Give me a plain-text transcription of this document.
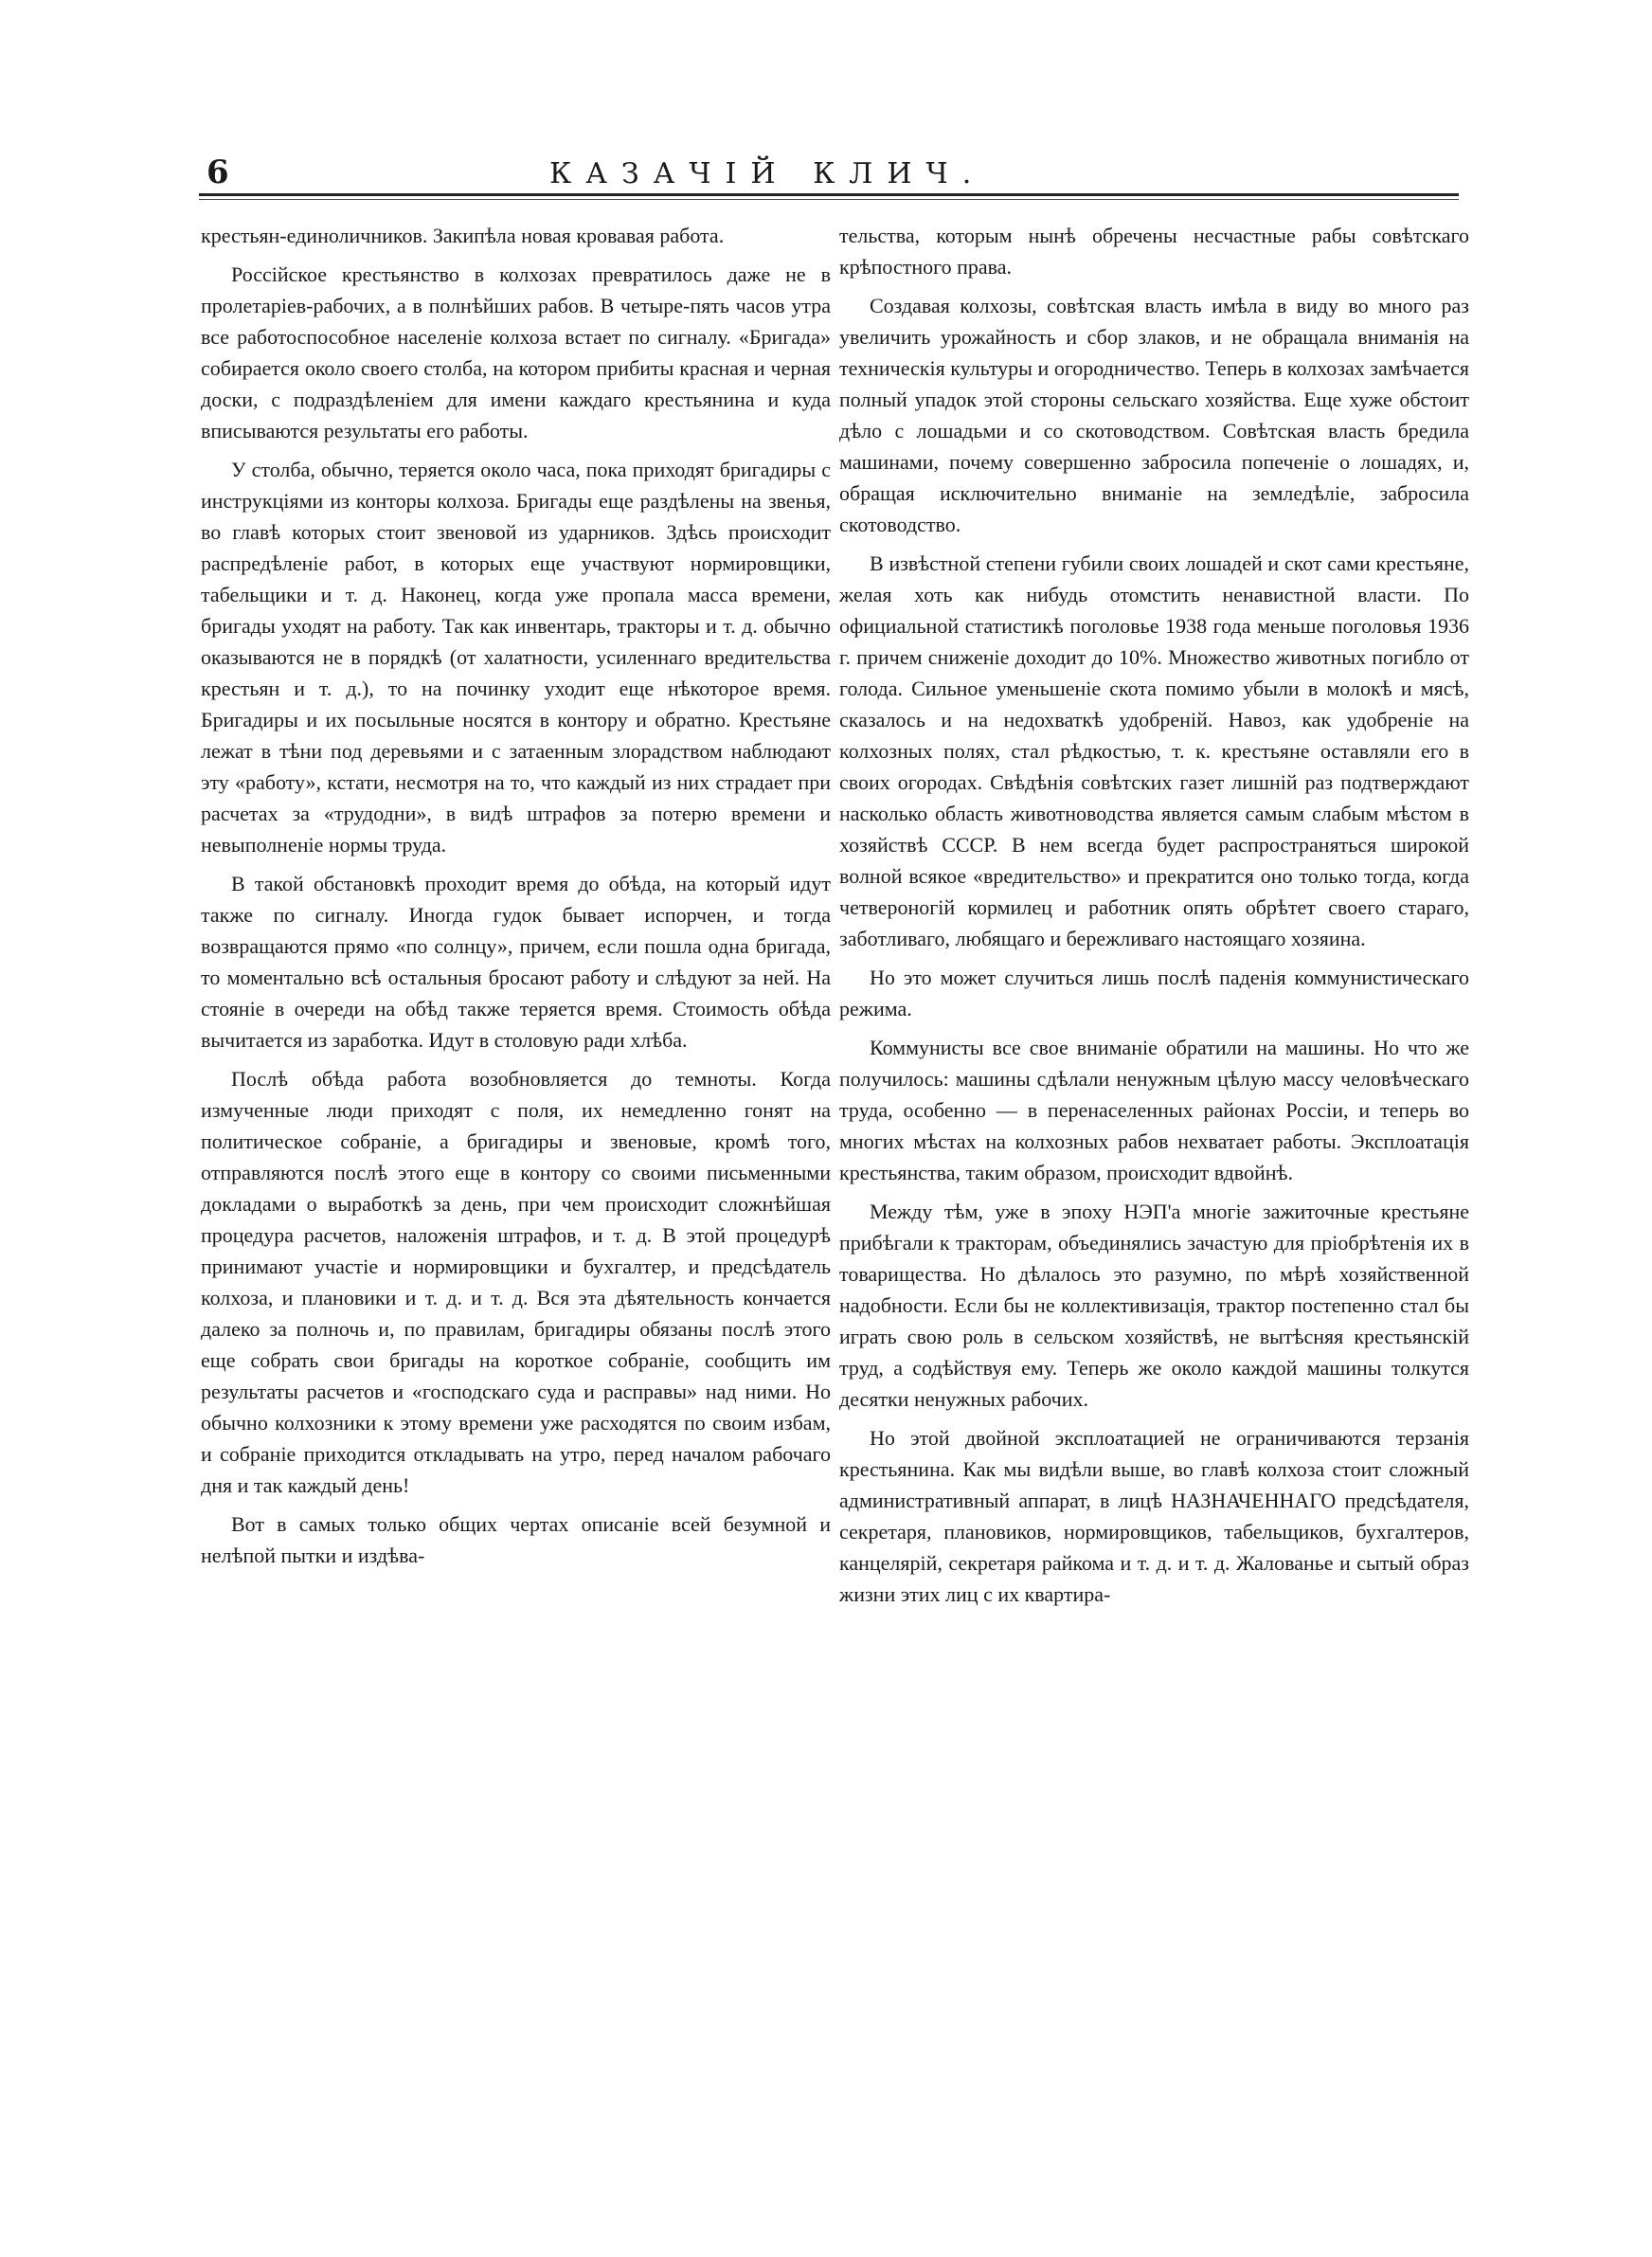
6	КАЗАЧІЙ КЛИЧ.

крестьян-единоличников. Закипѣла новая кровавая работа.

Россійское крестьянство в колхозах превратилось даже не в пролетаріев-рабочих, а в полнѣйших рабов. В четыре-пять часов утра все работоспособное населеніе колхоза встает по сигналу. «Бригада» собирается около своего столба, на котором прибиты красная и черная доски, с подраздѣленіем для имени каждаго крестьянина и куда вписываются результаты его работы.

У столба, обычно, теряется около часа, пока приходят бригадиры с инструкціями из конторы колхоза. Бригады еще раздѣлены на звенья, во главѣ которых стоит звеновой из ударников. Здѣсь происходит распредѣленіе работ, в которых еще участвуют нормировщики, табельщики и т. д. Наконец, когда уже пропала масса времени, бригады уходят на работу. Так как инвентарь, тракторы и т. д. обычно оказываются не в порядкѣ (от халатности, усиленнаго вредительства крестьян и т. д.), то на починку уходит еще нѣкоторое время. Бригадиры и их посыльные носятся в контору и обратно. Крестьяне лежат в тѣни под деревьями и с затаенным злорадством наблюдают эту «работу», кстати, несмотря на то, что каждый из них страдает при расчетах за «трудодни», в видѣ штрафов за потерю времени и невыполненіе нормы труда.

В такой обстановкѣ проходит время до обѣда, на который идут также по сигналу. Иногда гудок бывает испорчен, и тогда возвращаются прямо «по солнцу», причем, если пошла одна бригада, то моментально всѣ остальныя бросают работу и слѣдуют за ней. На стояніе в очереди на обѣд также теряется время. Стоимость обѣда вычитается из заработка. Идут в столовую ради хлѣба.

Послѣ обѣда работа возобновляется до темноты. Когда измученные люди приходят с поля, их немедленно гонят на политическое собраніе, а бригадиры и звеновые, кромѣ того, отправляются послѣ этого еще в контору со своими письменными докладами о выработкѣ за день, при чем происходит сложнѣйшая процедура расчетов, наложенія штрафов, и т. д. В этой процедурѣ принимают участіе и нормировщики и бухгалтер, и предсѣдатель колхоза, и плановики и т. д. и т. д. Вся эта дѣятельность кончается далеко за полночь и, по правилам, бригадиры обязаны послѣ этого еще собрать свои бригады на короткое собраніе, сообщить им результаты расчетов и «господскаго суда и расправы» над ними. Но обычно колхозники к этому времени уже расходятся по своим избам, и собраніе приходится откладывать на утро, перед началом рабочаго дня и так каждый день!

Вот в самых только общих чертах описаніе всей безумной и нелѣпой пытки и издѣва-

тельства, которым нынѣ обречены несчастные рабы совѣтскаго крѣпостного права.

Создавая колхозы, совѣтская власть имѣла в виду во много раз увеличить урожайность и сбор злаков, и не обращала вниманія на техническія культуры и огородничество. Теперь в колхозах замѣчается полный упадок этой стороны сельскаго хозяйства. Еще хуже обстоит дѣло с лошадьми и со скотоводством. Совѣтская власть бредила машинами, почему совершенно забросила попеченіе о лошадях, и, обращая исключительно вниманіе на земледѣліе, забросила скотоводство.

В извѣстной степени губили своих лошадей и скот сами крестьяне, желая хоть как нибудь отомстить ненавистной власти. По официальной статистикѣ поголовье 1938 года меньше поголовья 1936 г. причем сниженіе доходит до 10%. Множество животных погибло от голода. Сильное уменьшеніе скота помимо убыли в молокѣ и мясѣ, сказалось и на недохваткѣ удобреній. Навоз, как удобреніе на колхозных полях, стал рѣдкостью, т. к. крестьяне оставляли его в своих огородах. Свѣдѣнія совѣтских газет лишній раз подтверждают насколько область животноводства является самым слабым мѣстом в хозяйствѣ СССР. В нем всегда будет распространяться широкой волной всякое «вредительство» и прекратится оно только тогда, когда четвероногій кормилец и работник опять обрѣтет своего стараго, заботливаго, любящаго и бережливаго настоящаго хозяина.

Но это может случиться лишь послѣ паденія коммунистическаго режима.

Коммунисты все свое вниманіе обратили на машины. Но что же получилось: машины сдѣлали ненужным цѣлую массу человѣческаго труда, особенно — в перенаселенных районах Россіи, и теперь во многих мѣстах на колхозных рабов нехватает работы. Эксплоатація крестьянства, таким образом, происходит вдвойнѣ.

Между тѣм, уже в эпоху НЭП'а многіе зажиточные крестьяне прибѣгали к тракторам, объединялись зачастую для пріобрѣтенія их в товарищества. Но дѣлалось это разумно, по мѣрѣ хозяйственной надобности. Если бы не коллективизація, трактор постепенно стал бы играть свою роль в сельском хозяйствѣ, не вытѣсняя крестьянскій труд, а содѣйствуя ему. Теперь же около каждой машины толкутся десятки ненужных рабочих.

Но этой двойной эксплоатацией не ограничиваются терзанія крестьянина. Как мы видѣли выше, во главѣ колхоза стоит сложный административный аппарат, в лицѣ НАЗНАЧЕННАГО предсѣдателя, секретаря, плановиков, нормировщиков, табельщиков, бухгалтеров, канцелярій, секретаря райкома и т. д. и т. д. Жалованье и сытый образ жизни этих лиц с их квартира-
